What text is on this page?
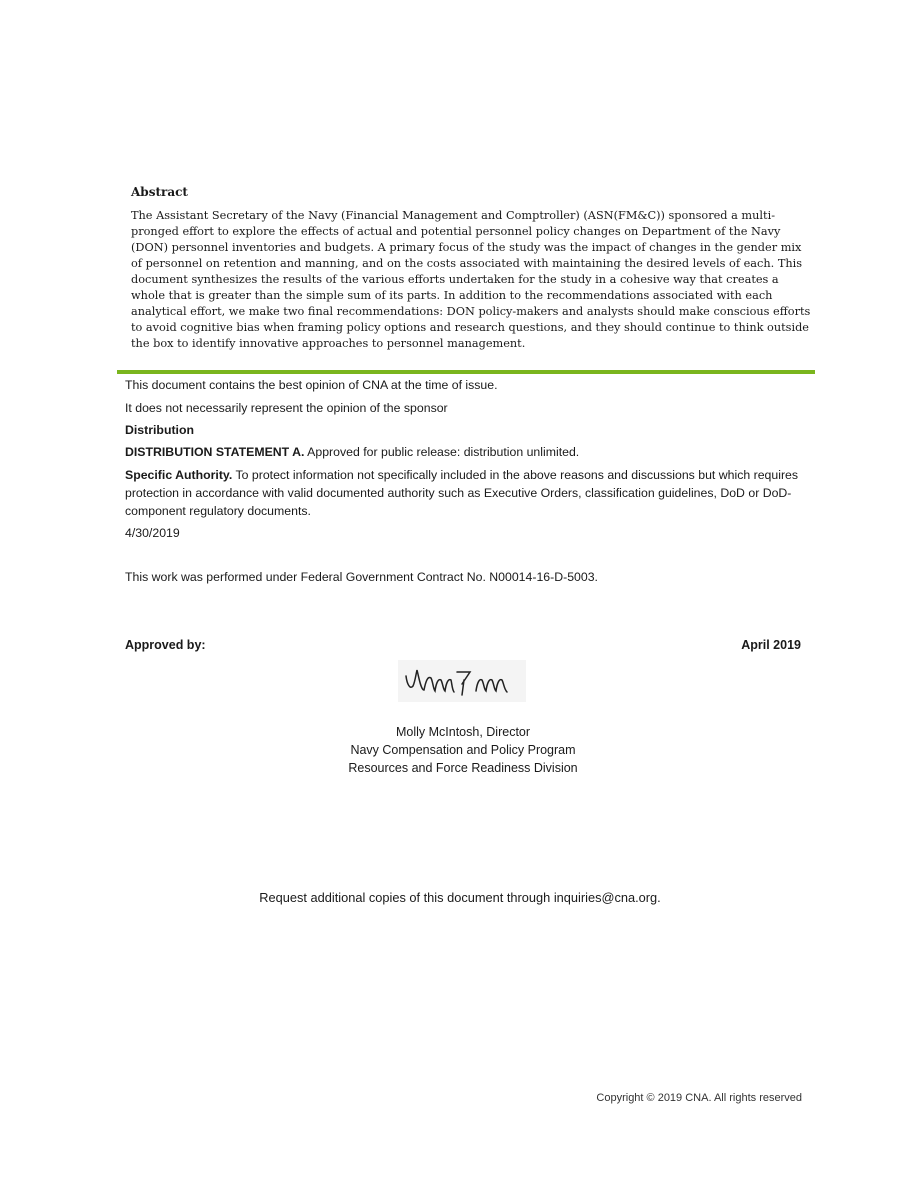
Abstract

The Assistant Secretary of the Navy (Financial Management and Comptroller) (ASN(FM&C)) sponsored a multi-pronged effort to explore the effects of actual and potential personnel policy changes on Department of the Navy (DON) personnel inventories and budgets. A primary focus of the study was the impact of changes in the gender mix of personnel on retention and manning, and on the costs associated with maintaining the desired levels of each. This document synthesizes the results of the various efforts undertaken for the study in a cohesive way that creates a whole that is greater than the simple sum of its parts. In addition to the recommendations associated with each analytical effort, we make two final recommendations: DON policy-makers and analysts should make conscious efforts to avoid cognitive bias when framing policy options and research questions, and they should continue to think outside the box to identify innovative approaches to personnel management.

This document contains the best opinion of CNA at the time of issue.

It does not necessarily represent the opinion of the sponsor

Distribution

DISTRIBUTION STATEMENT A. Approved for public release: distribution unlimited.

Specific Authority. To protect information not specifically included in the above reasons and discussions but which requires protection in accordance with valid documented authority such as Executive Orders, classification guidelines, DoD or DoD-component regulatory documents.

4/30/2019

This work was performed under Federal Government Contract No. N00014-16-D-5003.
Approved by:	April 2019
Molly McIntosh, Director
Navy Compensation and Policy Program
Resources and Force Readiness Division
Request additional copies of this document through inquiries@cna.org.
Copyright © 2019 CNA. All rights reserved
